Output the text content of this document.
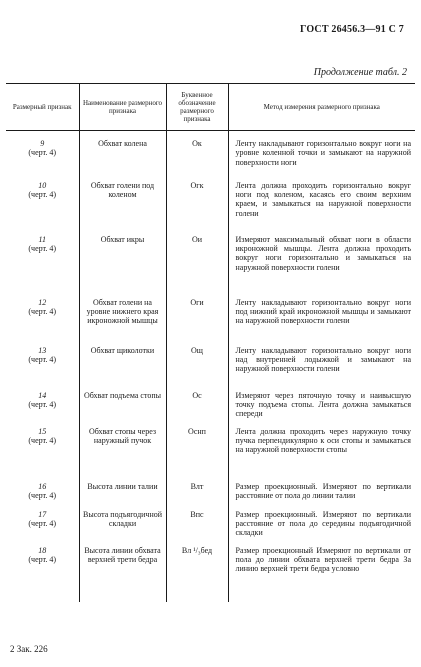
ГОСТ 26456.3—91 С 7
Продолжение табл. 2
Размерный признак	Наименование размерного признака	Буквенное обозначение размерного признака	Метод измерения размерного признака
9
(черт. 4)	Обхват колена	Ок	Ленту накладывают горизонтально вокруг ноги на уровне коленной точки и замыкают на наружной поверхности ноги
10
(черт. 4)	Обхват голени под коленом	Огк	Лента должна проходить горизонтально вокруг ноги под коленом, касаясь его своим верхним краем, и замыкаться на наружной поверхности голени
11
(черт. 4)	Обхват икры	Ои	Измеряют максимальный обхват ноги в области икроножной мышцы. Лента должна проходить вокруг ноги горизонтально и замыкаться на наружной поверхности голени
12
(черт. 4)	Обхват голени на уровне нижнего края икроножной мышцы	Оги	Ленту накладывают горизонтально вокруг ноги под нижний край икроножной мышцы и замыкают на наружной поверхности голени
13
(черт. 4)	Обхват щиколотки	Ощ	Ленту накладывают горизонтально вокруг ноги над внутренней лодыжкой и замыкают на наружной поверхности голени
14
(черт. 4)	Обхват подъема стопы	Ос	Измеряют через пяточную точку и наивысшую точку подъема стопы. Лента должна замыкаться спереди
15
(черт. 4)	Обхват стопы через наружный пучок	Оснп	Лента должна проходить через наружную точку пучка перпендикулярно к оси стопы и замыкаться на наружной поверхности стопы
16
(черт. 4)	Высота линии талии	Влт	Размер проекционный. Измеряют по вертикали расстояние от пола до линии талии
17
(черт. 4)	Высота подъягодичной складки	Впс	Размер проекционный. Измеряют по вертикали расстояние от пола до середины подъягодичной складки
18
(черт. 4)	Высота линии обхвата верхней трети бедра	Вл ¹/₃бед	Размер проекционный Измеряют по вертикали от пола до линии обхвата верхней трети бедра За линию верхней трети бедра условно
2 Зак. 226
